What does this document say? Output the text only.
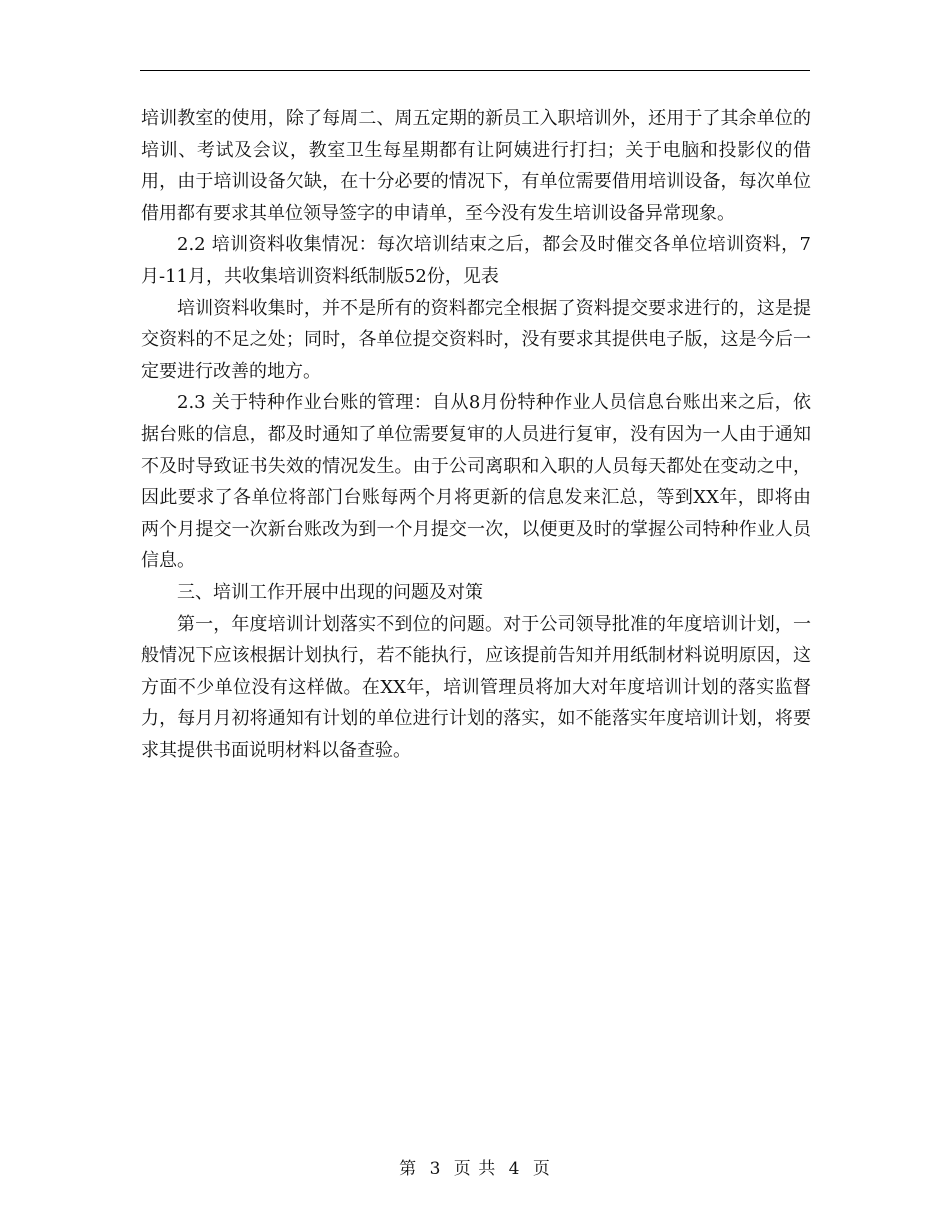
培训教室的使用，除了每周二、周五定期的新员工入职培训外，还用于了其余单位的培训、考试及会议，教室卫生每星期都有让阿姨进行打扫；关于电脑和投影仪的借用，由于培训设备欠缺，在十分必要的情况下，有单位需要借用培训设备，每次单位借用都有要求其单位领导签字的申请单，至今没有发生培训设备异常现象。

2.2 培训资料收集情况：每次培训结束之后，都会及时催交各单位培训资料，7月-11月，共收集培训资料纸制版52份，见表

培训资料收集时，并不是所有的资料都完全根据了资料提交要求进行的，这是提交资料的不足之处；同时，各单位提交资料时，没有要求其提供电子版，这是今后一定要进行改善的地方。

2.3 关于特种作业台账的管理：自从8月份特种作业人员信息台账出来之后，依据台账的信息，都及时通知了单位需要复审的人员进行复审，没有因为一人由于通知不及时导致证书失效的情况发生。由于公司离职和入职的人员每天都处在变动之中，因此要求了各单位将部门台账每两个月将更新的信息发来汇总，等到XX年，即将由两个月提交一次新台账改为到一个月提交一次，以便更及时的掌握公司特种作业人员信息。

三、培训工作开展中出现的问题及对策

第一，年度培训计划落实不到位的问题。对于公司领导批准的年度培训计划，一般情况下应该根据计划执行，若不能执行，应该提前告知并用纸制材料说明原因，这方面不少单位没有这样做。在XX年，培训管理员将加大对年度培训计划的落实监督力，每月月初将通知有计划的单位进行计划的落实，如不能落实年度培训计划，将要求其提供书面说明材料以备查验。

第 3 页 共 4 页
